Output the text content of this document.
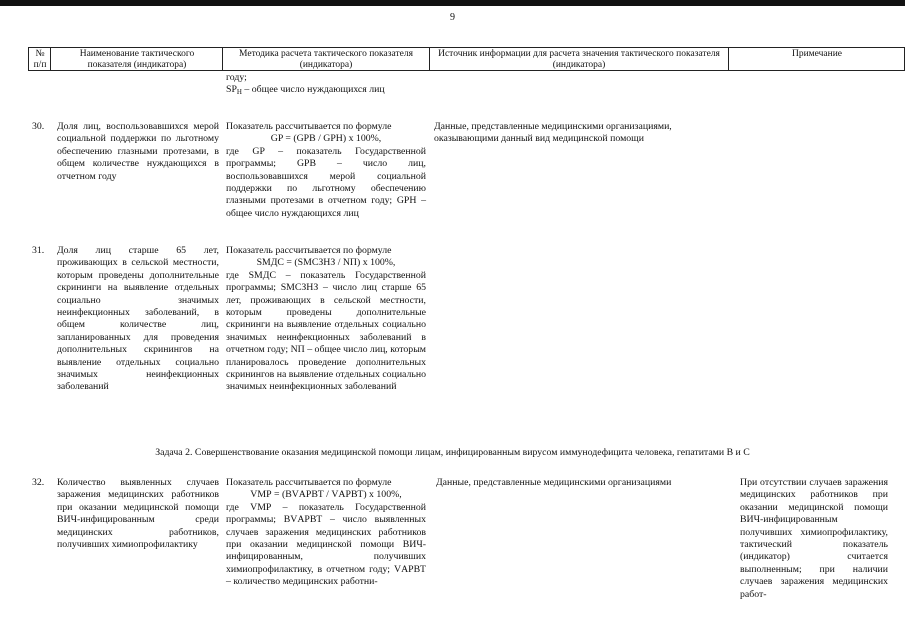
9
№ п/п
Наименование тактического показателя (индикатора)
Методика расчета тактического показателя (индикатора)
Источник информации для расчета значения тактического показателя (индикатора)
Примечание
году;
$SP_Н$ – общее число нуждающихся лиц
30. Доля лиц, воспользовавшихся мерой социальной поддержки по льготному обеспечению глазными протезами, в общем количестве нуждающихся в отчетном году
Показатель рассчитывается по формуле
GP = (GPВ / GPН) x 100%,
где GP – показатель Государственной программы; GPВ – число лиц, воспользовавшихся мерой социальной поддержки по льготному обеспечению глазными протезами в отчетном году; GPН – общее число нуждающихся лиц
Данные, представленные медицинскими организациями, оказывающими данный вид медицинской помощи
31. Доля лиц старше 65 лет, проживающих в сельской местности, которым проведены дополнительные скрининги на выявление отдельных социально значимых неинфекционных заболеваний, в общем количестве лиц, запланированных для проведения дополнительных скринингов на выявление отдельных социально значимых неинфекционных заболеваний
Показатель рассчитывается по формуле
SMДС = (SMСЗНЗ / NП) x 100%,
где SMДС – показатель Государственной программы; SMСЗНЗ – число лиц старше 65 лет, проживающих в сельской местности, которым проведены дополнительные скрининги на выявление отдельных социально значимых неинфекционных заболеваний в отчетном году; NП – общее число лиц, которым планировалось проведение дополнительных скринингов на выявление отдельных социально значимых неинфекционных заболеваний
Задача 2. Совершенствование оказания медицинской помощи лицам, инфицированным вирусом иммунодефицита человека, гепатитами В и С
32. Количество выявленных случаев заражения медицинских работников при оказании медицинской помощи ВИЧ-инфицированным среди медицинских работников, получивших химиопрофилактику
Показатель рассчитывается по формуле
VМР = (BVАРВТ / VАРВТ) x 100%,
где VМР – показатель Государственной программы; BVАРВТ – число выявленных случаев заражения медицинских работников при оказании медицинской помощи ВИЧ-инфицированным, получивших химиопрофилактику, в отчетном году; VАРВТ – количество медицинских работни-
Данные, представленные медицинскими организациями	При отсутствии случаев заражения медицинских работников при оказании медицинской помощи ВИЧ-инфицированным получивших химиопрофилактику, тактический показатель (индикатор) считается выполненным; при наличии случаев заражения медицинских работ-
